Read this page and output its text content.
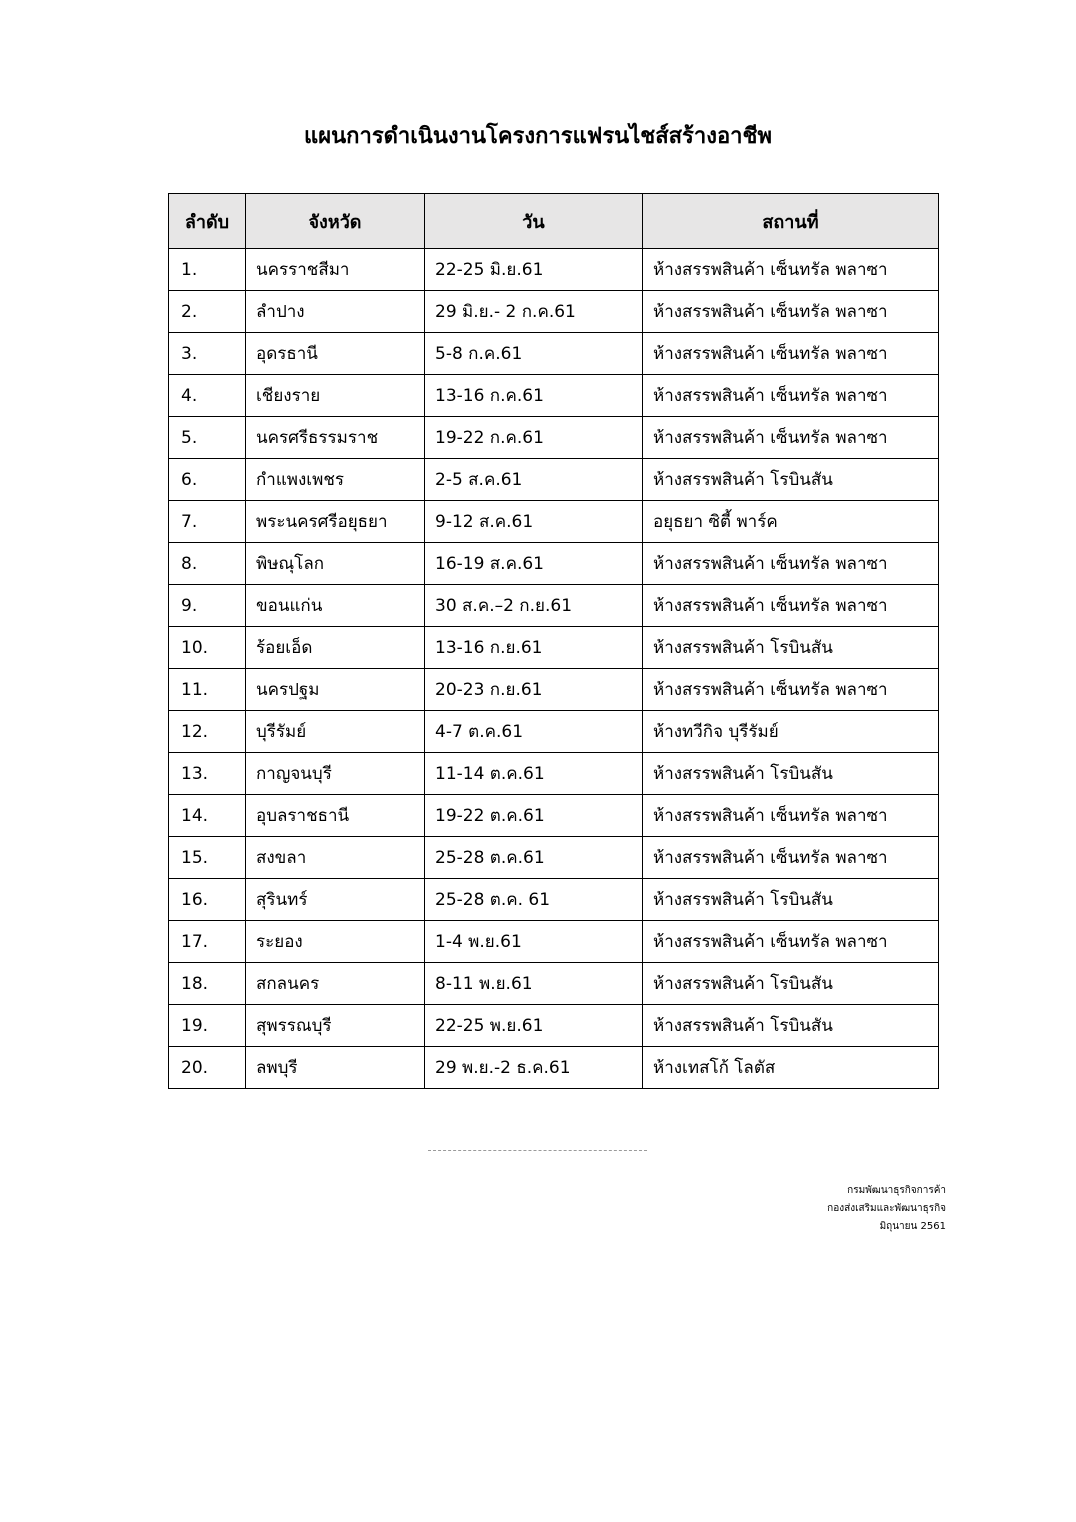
แผนการดำเนินงานโครงการแฟรนไชส์สร้างอาชีพ
ลำดับ	จังหวัด	วัน	สถานที่
1.	นครราชสีมา	22-25 มิ.ย.61	ห้างสรรพสินค้า เซ็นทรัล พลาซา
2.	ลำปาง	29 มิ.ย.- 2 ก.ค.61	ห้างสรรพสินค้า เซ็นทรัล พลาซา
3.	อุดรธานี	5-8 ก.ค.61	ห้างสรรพสินค้า เซ็นทรัล พลาซา
4.	เชียงราย	13-16 ก.ค.61	ห้างสรรพสินค้า เซ็นทรัล พลาซา
5.	นครศรีธรรมราช	19-22 ก.ค.61	ห้างสรรพสินค้า เซ็นทรัล พลาซา
6.	กำแพงเพชร	2-5 ส.ค.61	ห้างสรรพสินค้า โรบินสัน
7.	พระนครศรีอยุธยา	9-12 ส.ค.61	อยุธยา ซิตี้ พาร์ค
8.	พิษณุโลก	16-19 ส.ค.61	ห้างสรรพสินค้า เซ็นทรัล พลาซา
9.	ขอนแก่น	30 ส.ค.–2 ก.ย.61	ห้างสรรพสินค้า เซ็นทรัล พลาซา
10.	ร้อยเอ็ด	13-16 ก.ย.61	ห้างสรรพสินค้า โรบินสัน
11.	นครปฐม	20-23 ก.ย.61	ห้างสรรพสินค้า เซ็นทรัล พลาซา
12.	บุรีรัมย์	4-7 ต.ค.61	ห้างทวีกิจ บุรีรัมย์
13.	กาญจนบุรี	11-14 ต.ค.61	ห้างสรรพสินค้า โรบินสัน
14.	อุบลราชธานี	19-22 ต.ค.61	ห้างสรรพสินค้า เซ็นทรัล พลาซา
15.	สงขลา	25-28 ต.ค.61	ห้างสรรพสินค้า เซ็นทรัล พลาซา
16.	สุรินทร์	25-28 ต.ค. 61	ห้างสรรพสินค้า โรบินสัน
17.	ระยอง	1-4 พ.ย.61	ห้างสรรพสินค้า เซ็นทรัล พลาซา
18.	สกลนคร	8-11 พ.ย.61	ห้างสรรพสินค้า โรบินสัน
19.	สุพรรณบุรี	22-25 พ.ย.61	ห้างสรรพสินค้า โรบินสัน
20.	ลพบุรี	29 พ.ย.-2 ธ.ค.61	ห้างเทสโก้ โลตัส
กรมพัฒนาธุรกิจการค้า
กองส่งเสริมและพัฒนาธุรกิจ
มิถุนายน 2561
